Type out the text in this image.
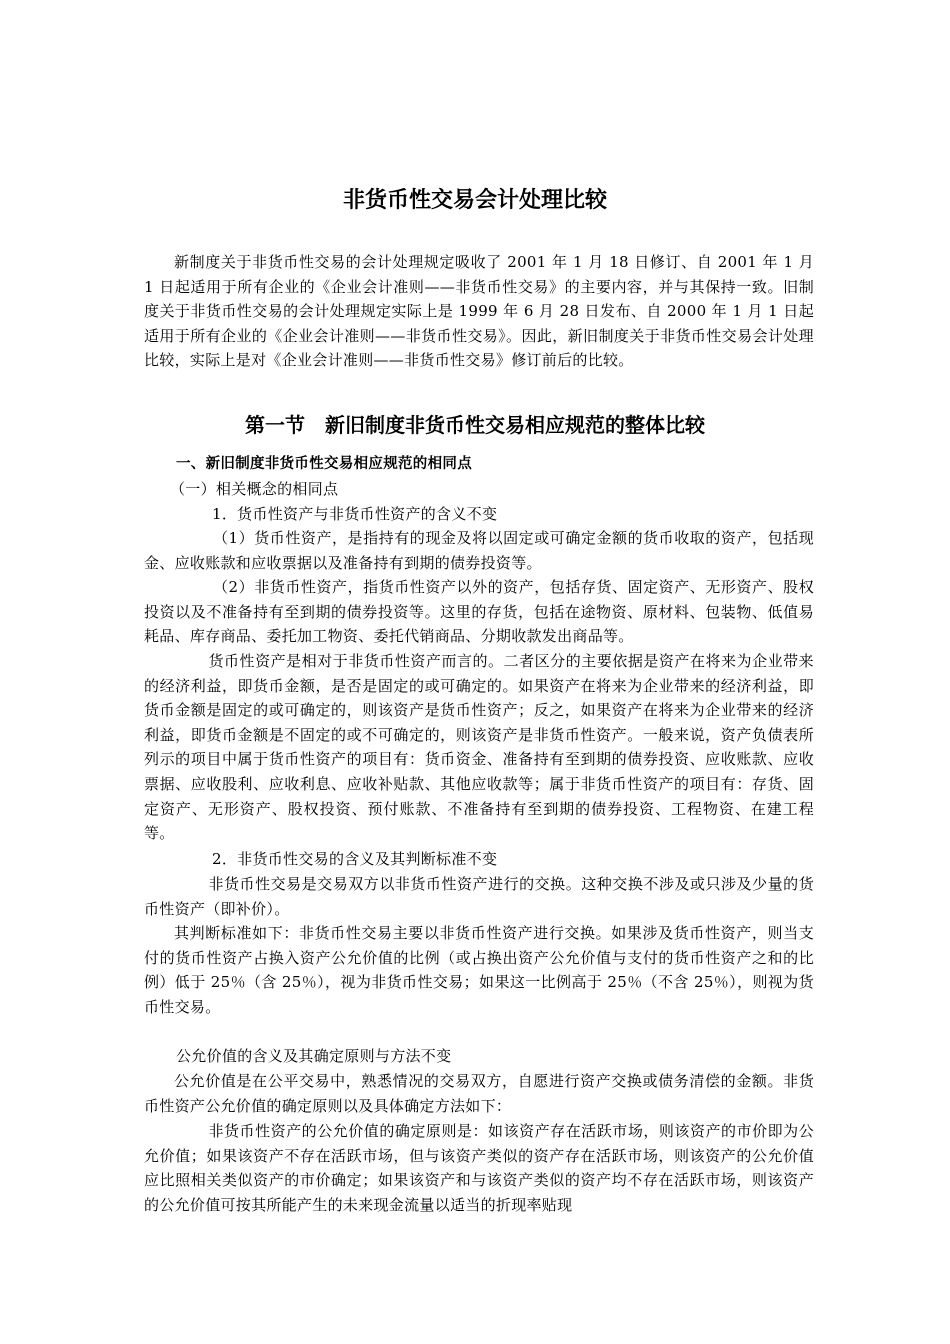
非货币性交易会计处理比较

新制度关于非货币性交易的会计处理规定吸收了 2001 年 1 月 18 日修订、自 2001 年 1 月 1 日起适用于所有企业的《企业会计准则——非货币性交易》的主要内容，并与其保持一致。旧制度关于非货币性交易的会计处理规定实际上是 1999 年 6 月 28 日发布、自 2000 年 1 月 1 日起适用于所有企业的《企业会计准则——非货币性交易》。因此，新旧制度关于非货币性交易会计处理比较，实际上是对《企业会计准则——非货币性交易》修订前后的比较。

第一节　新旧制度非货币性交易相应规范的整体比较

一、新旧制度非货币性交易相应规范的相同点

（一）相关概念的相同点

1．货币性资产与非货币性资产的含义不变

（1）货币性资产，是指持有的现金及将以固定或可确定金额的货币收取的资产，包括现金、应收账款和应收票据以及准备持有到期的债券投资等。

（2）非货币性资产，指货币性资产以外的资产，包括存货、固定资产、无形资产、股权投资以及不准备持有至到期的债券投资等。这里的存货，包括在途物资、原材料、包装物、低值易耗品、库存商品、委托加工物资、委托代销商品、分期收款发出商品等。

货币性资产是相对于非货币性资产而言的。二者区分的主要依据是资产在将来为企业带来的经济利益，即货币金额，是否是固定的或可确定的。如果资产在将来为企业带来的经济利益，即货币金额是固定的或可确定的，则该资产是货币性资产；反之，如果资产在将来为企业带来的经济利益，即货币金额是不固定的或不可确定的，则该资产是非货币性资产。一般来说，资产负债表所列示的项目中属于货币性资产的项目有：货币资金、准备持有至到期的债券投资、应收账款、应收票据、应收股利、应收利息、应收补贴款、其他应收款等；属于非货币性资产的项目有：存货、固定资产、无形资产、股权投资、预付账款、不准备持有至到期的债券投资、工程物资、在建工程等。

2．非货币性交易的含义及其判断标准不变

非货币性交易是交易双方以非货币性资产进行的交换。这种交换不涉及或只涉及少量的货币性资产（即补价）。

其判断标准如下：非货币性交易主要以非货币性资产进行交换。如果涉及货币性资产，则当支付的货币性资产占换入资产公允价值的比例（或占换出资产公允价值与支付的货币性资产之和的比例）低于 25％（含 25％），视为非货币性交易；如果这一比例高于 25％（不含 25％），则视为货币性交易。

公允价值的含义及其确定原则与方法不变

公允价值是在公平交易中，熟悉情况的交易双方，自愿进行资产交换或债务清偿的金额。非货币性资产公允价值的确定原则以及具体确定方法如下：

非货币性资产的公允价值的确定原则是：如该资产存在活跃市场，则该资产的市价即为公允价值；如果该资产不存在活跃市场，但与该资产类似的资产存在活跃市场，则该资产的公允价值应比照相关类似资产的市价确定；如果该资产和与该资产类似的资产均不存在活跃市场，则该资产的公允价值可按其所能产生的未来现金流量以适当的折现率贴现
